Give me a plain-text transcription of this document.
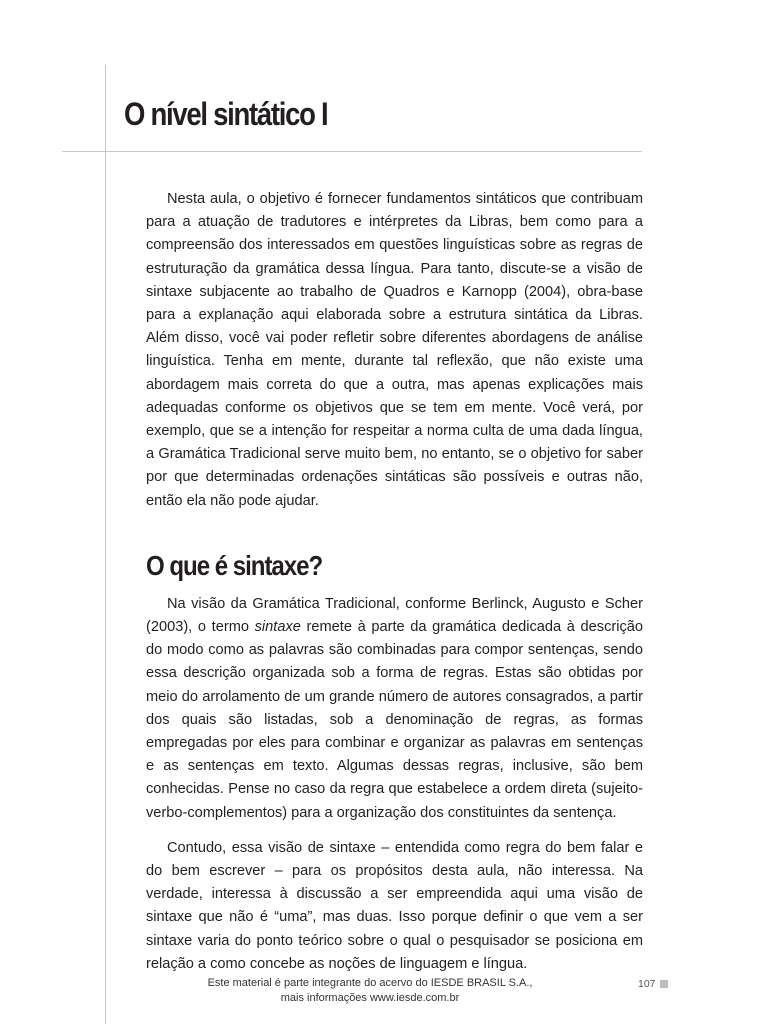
O nível sintático I

Nesta aula, o objetivo é fornecer fundamentos sintáticos que contribuam para a atuação de tradutores e intérpretes da Libras, bem como para a compreensão dos interessados em questões linguísticas sobre as regras de estruturação da gramática dessa língua. Para tanto, discute-se a visão de sintaxe subjacente ao trabalho de Quadros e Karnopp (2004), obra-base para a explanação aqui elaborada sobre a estrutura sintática da Libras. Além disso, você vai poder refletir sobre diferentes abordagens de análise linguística. Tenha em mente, durante tal reflexão, que não existe uma abordagem mais correta do que a outra, mas apenas explicações mais adequadas conforme os objetivos que se tem em mente. Você verá, por exemplo, que se a intenção for respeitar a norma culta de uma dada língua, a Gramática Tradicional serve muito bem, no entanto, se o objetivo for saber por que determinadas ordenações sintáticas são possíveis e outras não, então ela não pode ajudar.

O que é sintaxe?

Na visão da Gramática Tradicional, conforme Berlinck, Augusto e Scher (2003), o termo sintaxe remete à parte da gramática dedicada à descrição do modo como as palavras são combinadas para compor sentenças, sendo essa descrição organizada sob a forma de regras. Estas são obtidas por meio do arrolamento de um grande número de autores consagrados, a partir dos quais são listadas, sob a denominação de regras, as formas empregadas por eles para combinar e organizar as palavras em sentenças e as sentenças em texto. Algumas dessas regras, inclusive, são bem conhecidas. Pense no caso da regra que estabelece a ordem direta (sujeito-verbo-complementos) para a organização dos constituintes da sentença.

Contudo, essa visão de sintaxe – entendida como regra do bem falar e do bem escrever – para os propósitos desta aula, não interessa. Na verdade, interessa à discussão a ser empreendida aqui uma visão de sintaxe que não é “uma”, mas duas. Isso porque definir o que vem a ser sintaxe varia do ponto teórico sobre o qual o pesquisador se posiciona em relação a como concebe as noções de linguagem e língua.

Este material é parte integrante do acervo do IESDE BRASIL S.A.,
mais informações www.iesde.com.br
107
